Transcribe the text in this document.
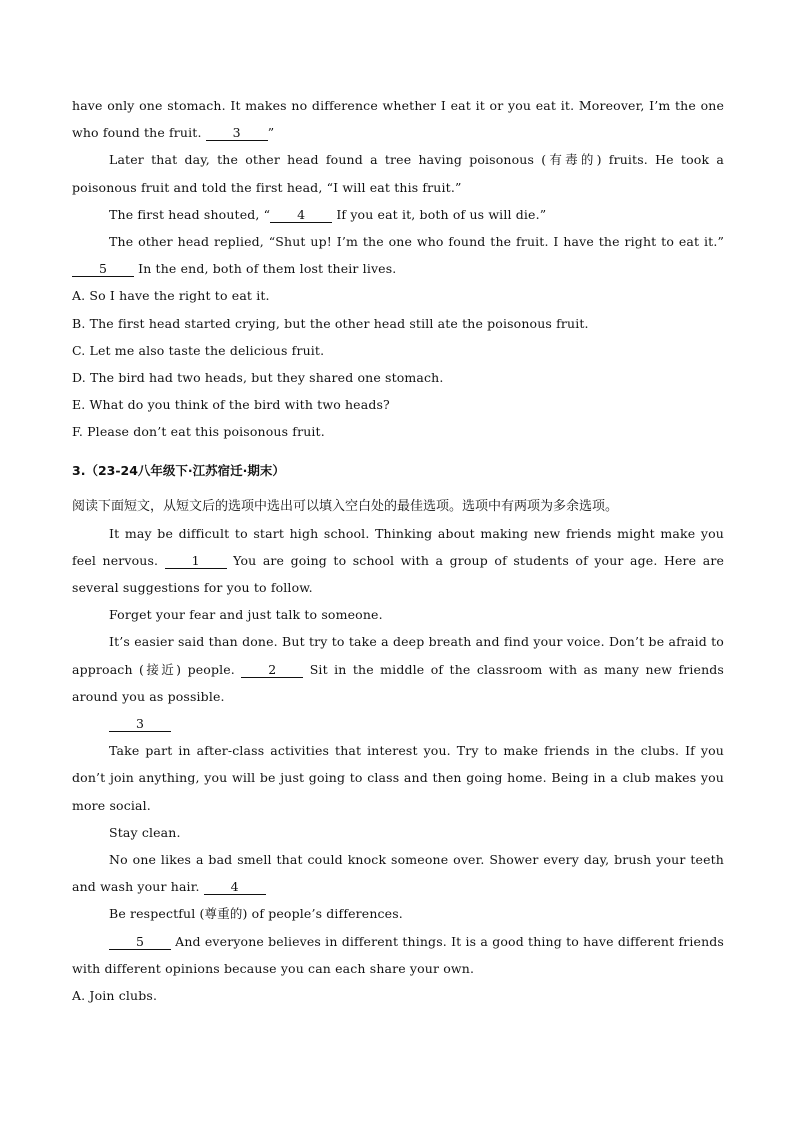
have only one stomach. It makes no difference whether I eat it or you eat it. Moreover, I’m the one who found the fruit. 3 ”

Later that day, the other head found a tree having poisonous (有毒的) fruits. He took a poisonous fruit and told the first head, “I will eat this fruit.”

The first head shouted, “ 4 If you eat it, both of us will die.”

The other head replied, “Shut up! I’m the one who found the fruit. I have the right to eat it.” 5 In the end, both of them lost their lives.

A. So I have the right to eat it.

B. The first head started crying, but the other head still ate the poisonous fruit.

C. Let me also taste the delicious fruit.

D. The bird had two heads, but they shared one stomach.

E. What do you think of the bird with two heads?

F. Please don’t eat this poisonous fruit.

3.（23-24八年级下·江苏宿迁·期末）

阅读下面短文，从短文后的选项中选出可以填入空白处的最佳选项。选项中有两项为多余选项。

It may be difficult to start high school. Thinking about making new friends might make you feel nervous. 1 You are going to school with a group of students of your age. Here are several suggestions for you to follow.

Forget your fear and just talk to someone.

It’s easier said than done. But try to take a deep breath and find your voice. Don’t be afraid to approach (接近) people. 2 Sit in the middle of the classroom with as many new friends around you as possible.

3

Take part in after-class activities that interest you. Try to make friends in the clubs. If you don’t join anything, you will be just going to class and then going home. Being in a club makes you more social.

Stay clean.

No one likes a bad smell that could knock someone over. Shower every day, brush your teeth and wash your hair. 4

Be respectful (尊重的) of people’s differences.

5 And everyone believes in different things. It is a good thing to have different friends with different opinions because you can each share your own.

A. Join clubs.
